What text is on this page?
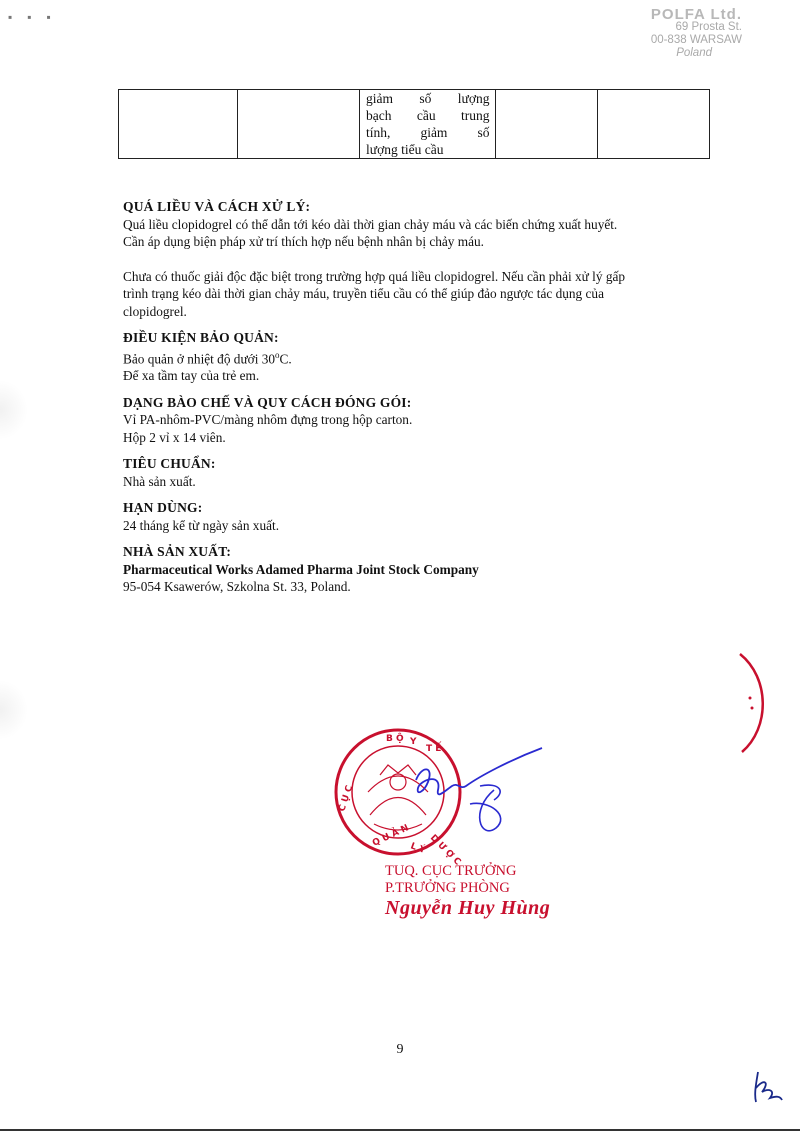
▪ ▪ ▪	POLFA Ltd.
69 Prosta St.
00-838 WARSAW
Poland

giảm số lượng
bạch cầu trung
tính, giảm số
lượng tiểu cầu

QUÁ LIỀU VÀ CÁCH XỬ LÝ:

Quá liều clopidogrel có thể dẫn tới kéo dài thời gian chảy máu và các biến chứng xuất huyết.

Cần áp dụng biện pháp xử trí thích hợp nếu bệnh nhân bị chảy máu.

Chưa có thuốc giải độc đặc biệt trong trường hợp quá liều clopidogrel. Nếu cần phải xử lý gấp

trình trạng kéo dài thời gian chảy máu, truyền tiểu cầu có thể giúp đảo ngược tác dụng của

clopidogrel.

ĐIỀU KIỆN BẢO QUẢN:

Bảo quản ở nhiệt độ dưới 30$^o$C.

Để xa tầm tay của trẻ em.

DẠNG BÀO CHẾ VÀ QUY CÁCH ĐÓNG GÓI:

Vỉ PA-nhôm-PVC/màng nhôm đựng trong hộp carton.

Hộp 2 vỉ x 14 viên.

TIÊU CHUẨN:

Nhà sản xuất.

HẠN DÙNG:

24 tháng kể từ ngày sản xuất.

NHÀ SẢN XUẤT:

Pharmaceutical Works Adamed Pharma Joint Stock Company

95-054 Ksawerów, Szkolna St. 33, Poland.

B Ộ Y
T Ế
C Ụ C
Q U Ả N
L Ý D Ư Ợ C
TUQ. CỤC TRƯỞNG
P.TRƯỞNG PHÒNG
Nguyễn Huy Hùng
9
